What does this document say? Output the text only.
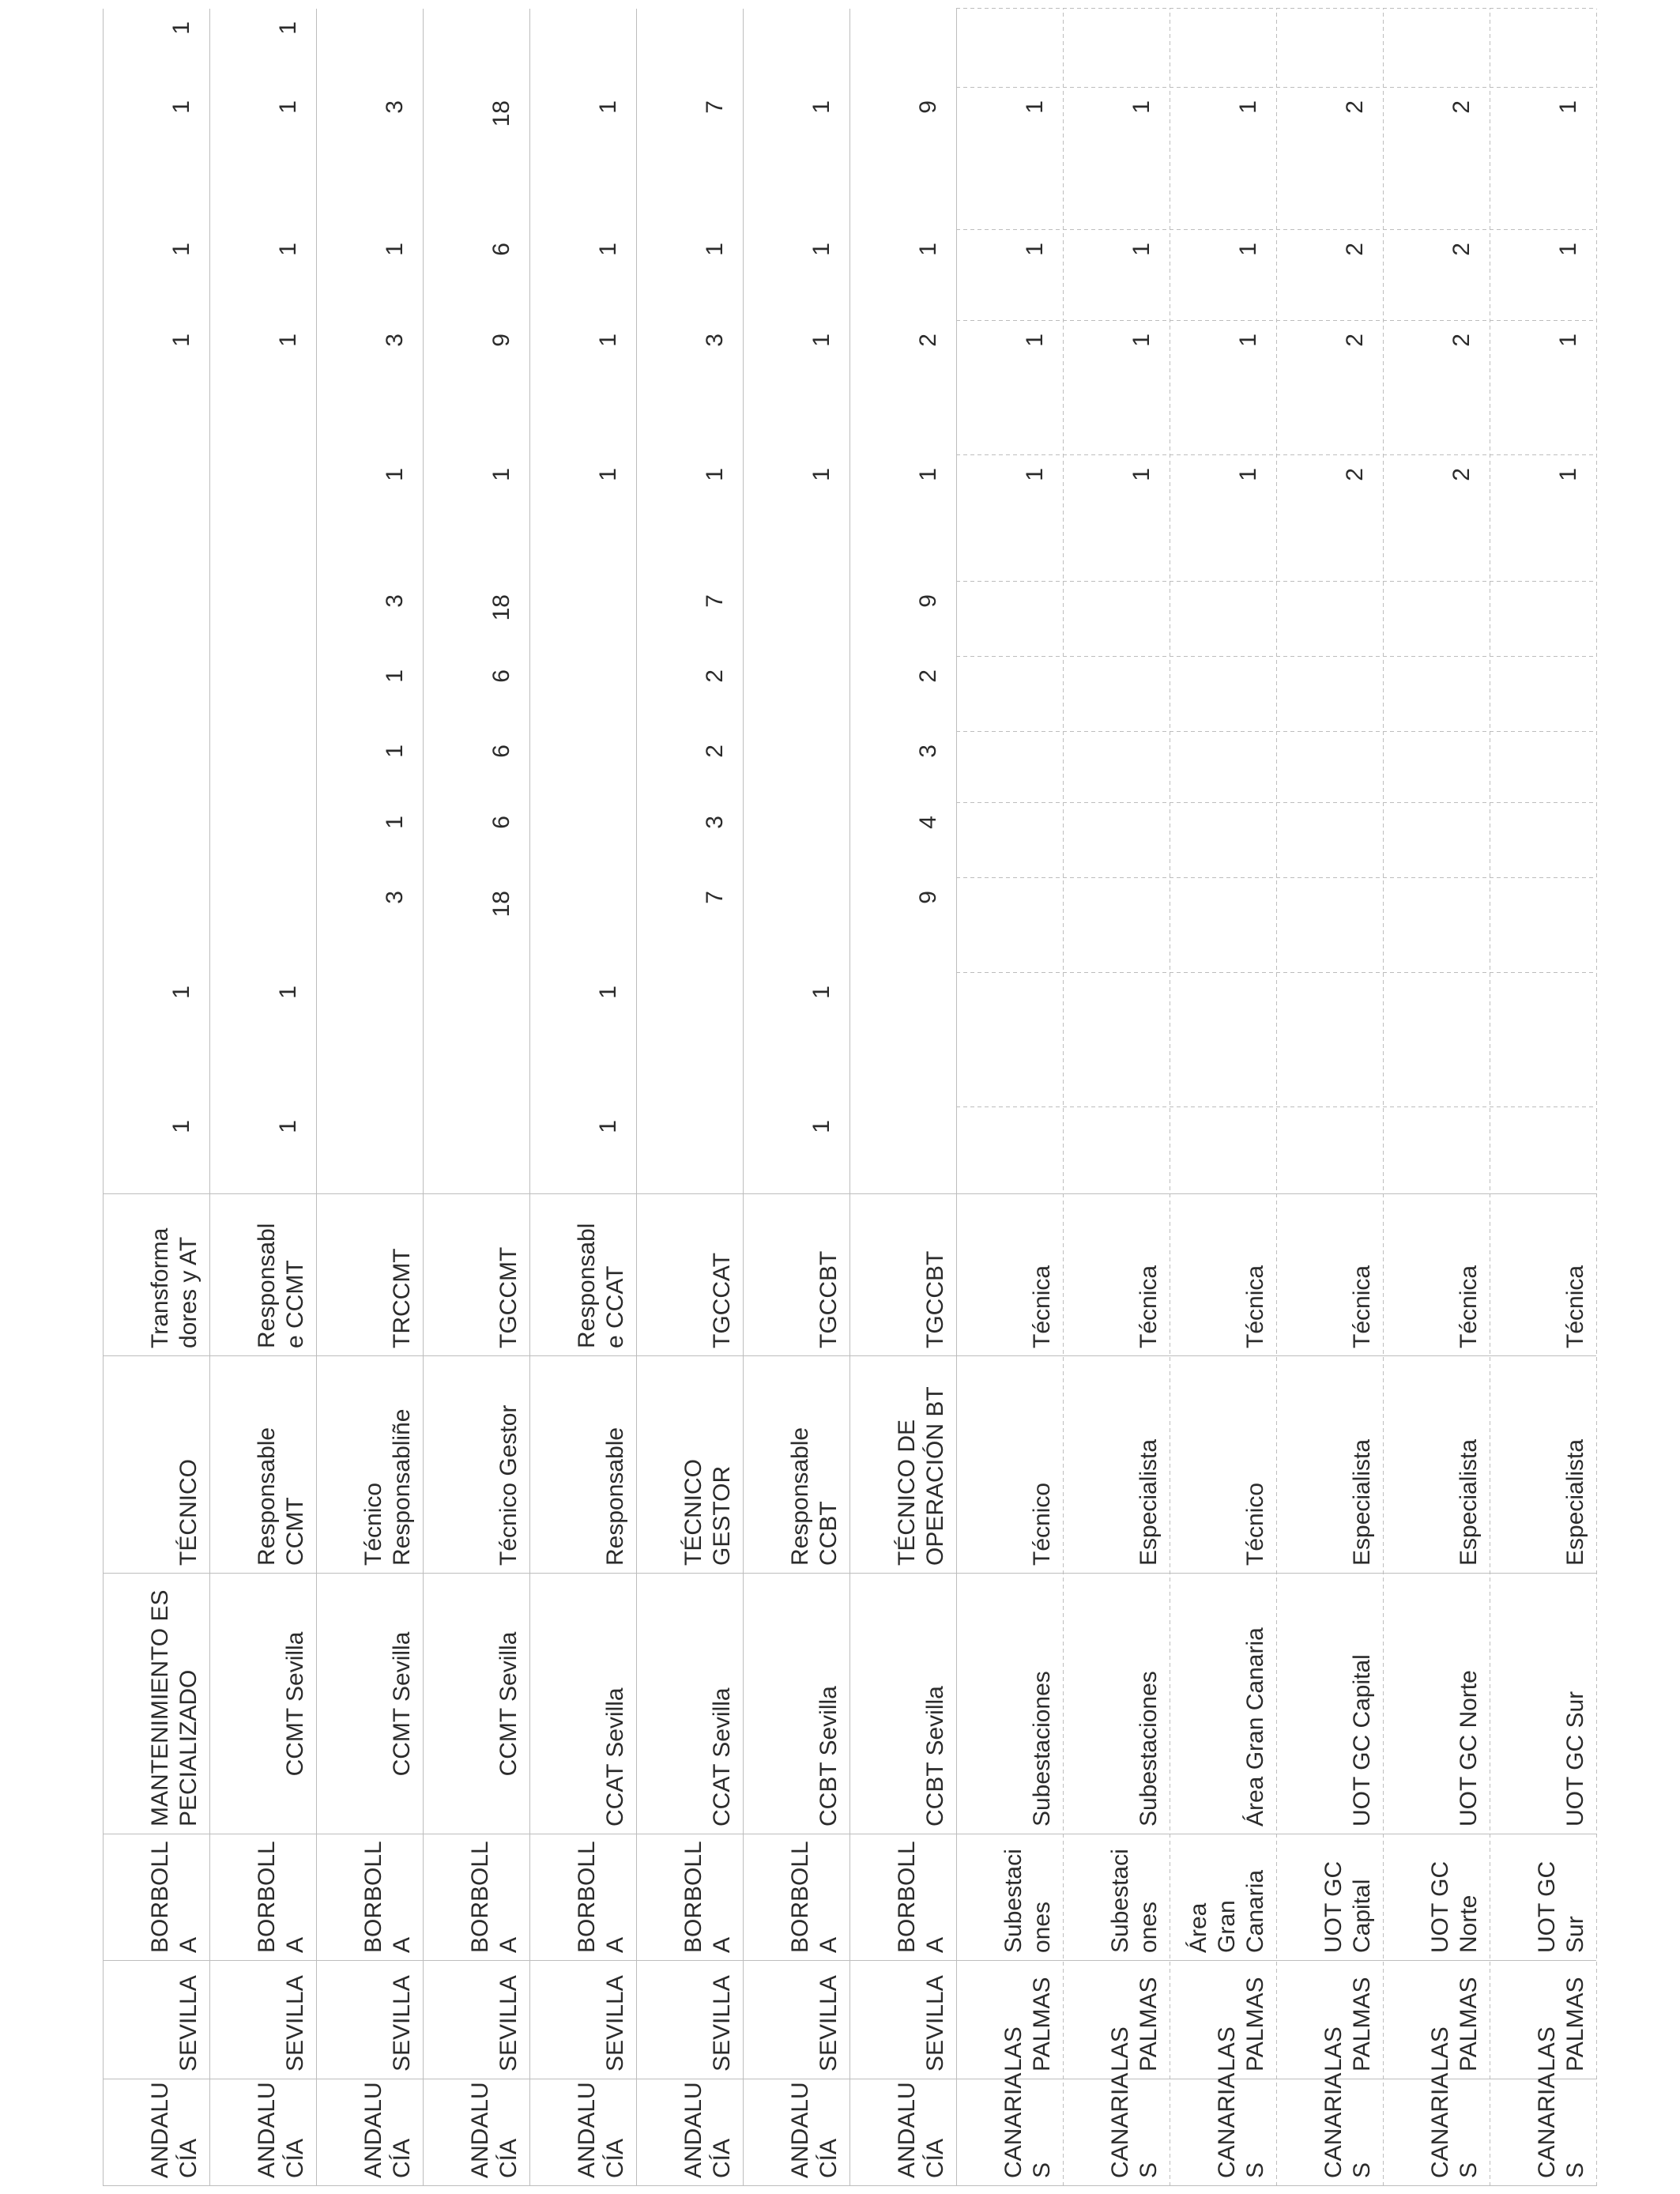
ANDALU
CÍA
SEVILLA
BORBOLL
A
MANTENIMIENTO ES
PECIALIZADO
TÉCNICO
Transforma
dores y AT
1
1
1
1
1
1
ANDALU
CÍA
SEVILLA
BORBOLL
A
CCMT Sevilla
Responsable
CCMT
Responsabl
e CCMT
1
1
1
1
1
1
ANDALU
CÍA
SEVILLA
BORBOLL
A
CCMT Sevilla
Técnico
Responsabliñe
TRCCMT
3
1
1
1
3
1
3
1
3
ANDALU
CÍA
SEVILLA
BORBOLL
A
CCMT Sevilla
Técnico Gestor
TGCCMT
18
6
6
6
18
1
9
6
18
ANDALU
CÍA
SEVILLA
BORBOLL
A
CCAT Sevilla
Responsable
Responsabl
e CCAT
1
1
1
1
1
1
ANDALU
CÍA
SEVILLA
BORBOLL
A
CCAT Sevilla
TÉCNICO GESTOR
TGCCAT
7
3
2
2
7
1
3
1
7
ANDALU
CÍA
SEVILLA
BORBOLL
A
CCBT Sevilla
Responsable
CCBT
TGCCBT
1
1
1
1
1
1
ANDALU
CÍA
SEVILLA
BORBOLL
A
CCBT Sevilla
TÉCNICO DE
OPERACIÓN BT
TGCCBT
9
4
3
2
9
1
2
1
9
CANARIA
S
LAS
PALMAS
Subestaci
ones
Subestaciones
Técnico
Técnica
1
1
1
1
CANARIA
S
LAS
PALMAS
Subestaci
ones
Subestaciones
Especialista
Técnica
1
1
1
1
CANARIA
S
LAS
PALMAS
Área
Gran
Canaria
Área Gran Canaria
Técnico
Técnica
1
1
1
1
CANARIA
S
LAS
PALMAS
UOT GC
Capital
UOT GC Capital
Especialista
Técnica
2
2
2
2
CANARIA
S
LAS
PALMAS
UOT GC
Norte
UOT GC Norte
Especialista
Técnica
2
2
2
2
CANARIA
S
LAS
PALMAS
UOT GC
Sur
UOT GC Sur
Especialista
Técnica
1
1
1
1
